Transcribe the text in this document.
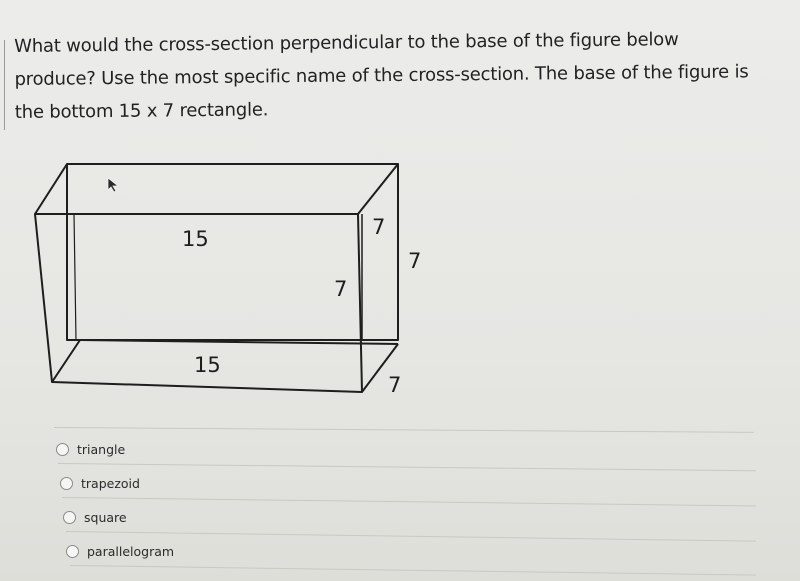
What would the cross-section perpendicular to the base of the figure below
produce? Use the most specific name of the cross-section. The base of the figure is
the bottom 15 x 7 rectangle.
15	7
7
7
15
7
triangle
trapezoid
square
parallelogram
